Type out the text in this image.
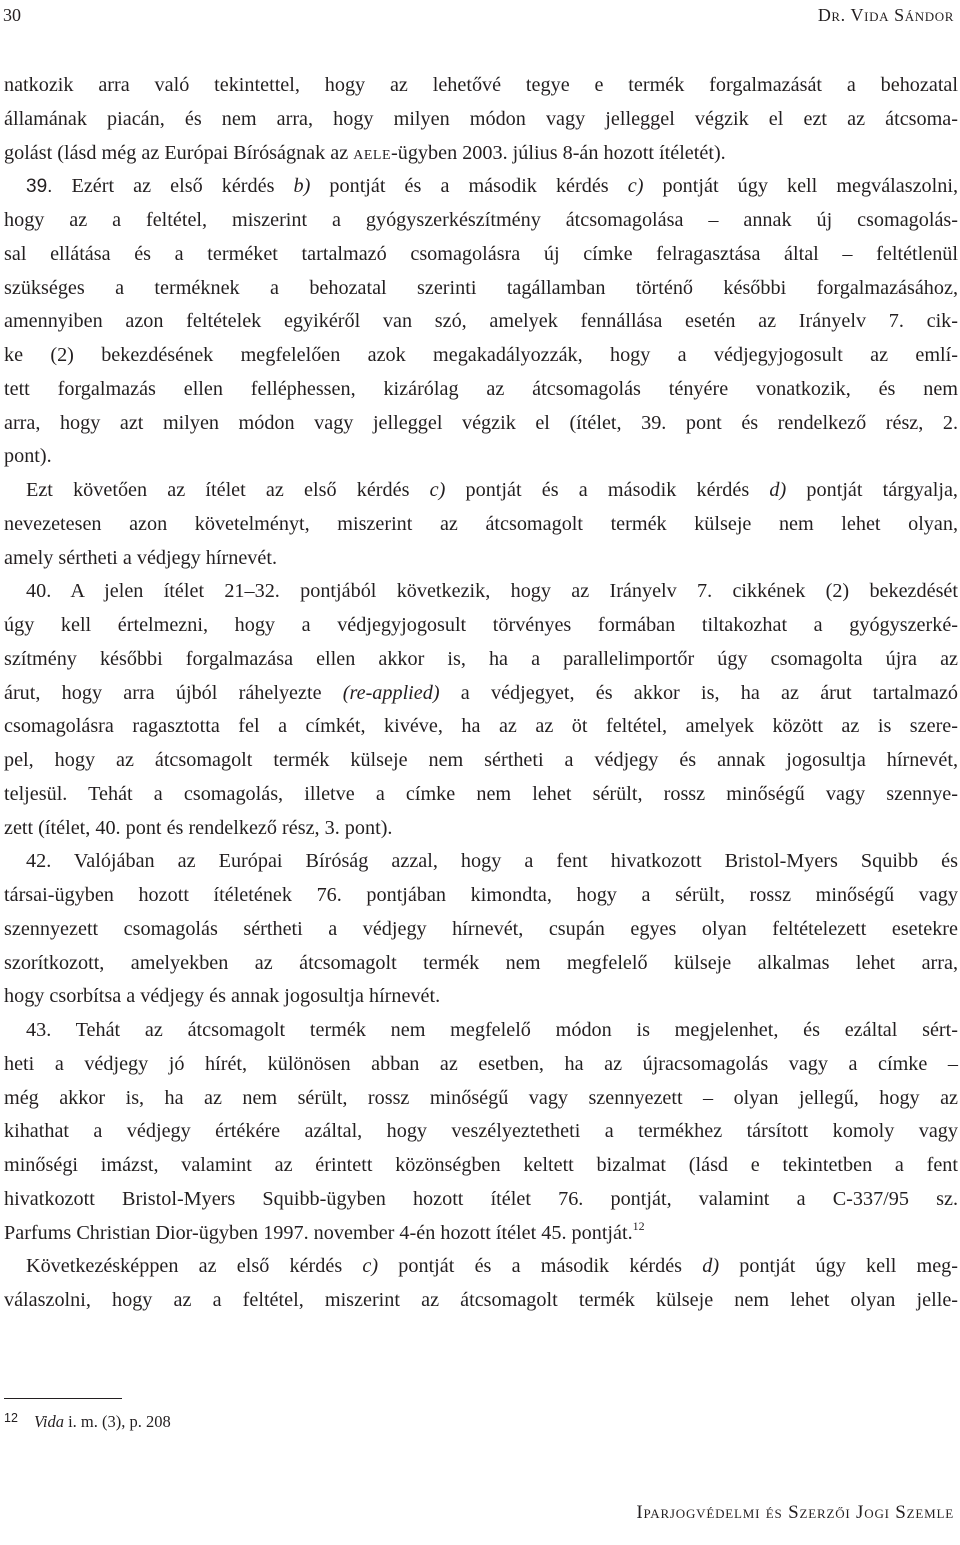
30	Dr. Vida Sándor

natkozik arra való tekintettel, hogy az lehetővé tegye e termék forgalmazását a behozatal
államának piacán, és nem arra, hogy milyen módon vagy jelleggel végzik el ezt az átcsoma-
golást (lásd még az Európai Bíróságnak az aele-ügyben 2003. július 8-án hozott ítéletét).

39. Ezért az első kérdés b) pontját és a második kérdés c) pontját úgy kell megválaszolni,

hogy az a feltétel, miszerint a gyógyszerkészítmény átcsomagolása – annak új csomagolás-
sal ellátása és a terméket tartalmazó csomagolásra új címke felragasztása által – feltétlenül
szükséges a terméknek a behozatal szerinti tagállamban történő későbbi forgalmazásához,
amennyiben azon feltételek egyikéről van szó, amelyek fennállása esetén az Irányelv 7. cik-
ke (2) bekezdésének megfelelően azok megakadályozzák, hogy a védjegyjogosult az emlí-
tett forgalmazás ellen felléphessen, kizárólag az átcsomagolás tényére vonatkozik, és nem
arra, hogy azt milyen módon vagy jelleggel végzik el (ítélet, 39. pont és rendelkező rész, 2.
pont).

Ezt követően az ítélet az első kérdés c) pontját és a második kérdés d) pontját tárgyalja,

nevezetesen azon követelményt, miszerint az átcsomagolt termék külseje nem lehet olyan,
amely sértheti a védjegy hírnevét.

40. A jelen ítélet 21–32. pontjából következik, hogy az Irányelv 7. cikkének (2) bekezdését

úgy kell értelmezni, hogy a védjegyjogosult törvényes formában tiltakozhat a gyógyszerké-
szítmény későbbi forgalmazása ellen akkor is, ha a parallelimportőr úgy csomagolta újra az
árut, hogy arra újból ráhelyezte (re-applied) a védjegyet, és akkor is, ha az árut tartalmazó
csomagolásra ragasztotta fel a címkét, kivéve, ha az az öt feltétel, amelyek között az is szere-
pel, hogy az átcsomagolt termék külseje nem sértheti a védjegy és annak jogosultja hírnevét,
teljesül. Tehát a csomagolás, illetve a címke nem lehet sérült, rossz minőségű vagy szennye-
zett (ítélet, 40. pont és rendelkező rész, 3. pont).

42. Valójában az Európai Bíróság azzal, hogy a fent hivatkozott Bristol-Myers Squibb és

társai-ügyben hozott ítéletének 76. pontjában kimondta, hogy a sérült, rossz minőségű vagy
szennyezett csomagolás sértheti a védjegy hírnevét, csupán egyes olyan feltételezett esetekre
szorítkozott, amelyekben az átcsomagolt termék nem megfelelő külseje alkalmas lehet arra,
hogy csorbítsa a védjegy és annak jogosultja hírnevét.

43. Tehát az átcsomagolt termék nem megfelelő módon is megjelenhet, és ezáltal sért-

heti a védjegy jó hírét, különösen abban az esetben, ha az újracsomagolás vagy a címke –
még akkor is, ha az nem sérült, rossz minőségű vagy szennyezett – olyan jellegű, hogy az
kihathat a védjegy értékére azáltal, hogy veszélyeztetheti a termékhez társított komoly vagy
minőségi imázst, valamint az érintett közönségben keltett bizalmat (lásd e tekintetben a fent
hivatkozott Bristol-Myers Squibb-ügyben hozott ítélet 76. pontját, valamint a C-337/95 sz.
Parfums Christian Dior-ügyben 1997. november 4-én hozott ítélet 45. pontját.$^{12}$

Következésképpen az első kérdés c) pontját és a második kérdés d) pontját úgy kell meg-

válaszolni, hogy az a feltétel, miszerint az átcsomagolt termék külseje nem lehet olyan jelle-

12 Vida i. m. (3), p. 208
Iparjogvédelmi és Szerzői Jogi Szemle
